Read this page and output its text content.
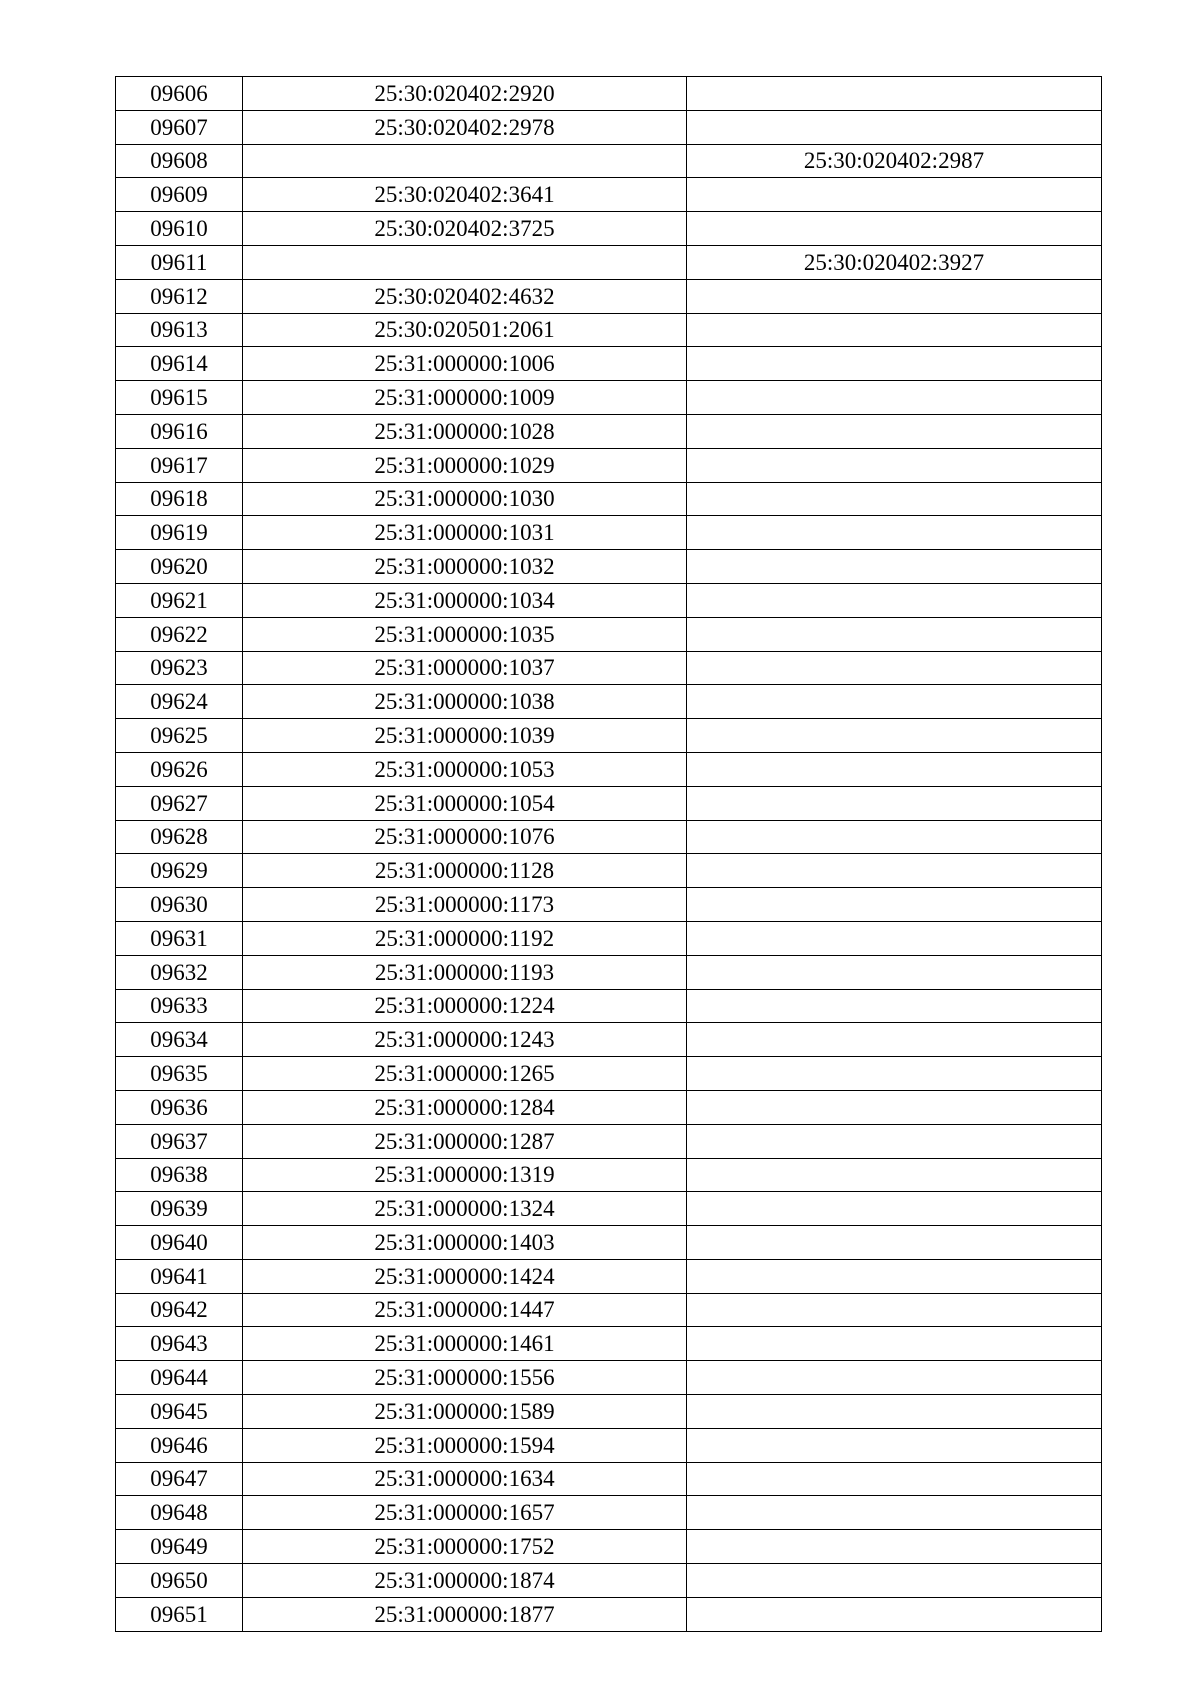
09606	25:30:020402:2920	
09607	25:30:020402:2978	
09608		25:30:020402:2987
09609	25:30:020402:3641	
09610	25:30:020402:3725	
09611		25:30:020402:3927
09612	25:30:020402:4632	
09613	25:30:020501:2061	
09614	25:31:000000:1006	
09615	25:31:000000:1009	
09616	25:31:000000:1028	
09617	25:31:000000:1029	
09618	25:31:000000:1030	
09619	25:31:000000:1031	
09620	25:31:000000:1032	
09621	25:31:000000:1034	
09622	25:31:000000:1035	
09623	25:31:000000:1037	
09624	25:31:000000:1038	
09625	25:31:000000:1039	
09626	25:31:000000:1053	
09627	25:31:000000:1054	
09628	25:31:000000:1076	
09629	25:31:000000:1128	
09630	25:31:000000:1173	
09631	25:31:000000:1192	
09632	25:31:000000:1193	
09633	25:31:000000:1224	
09634	25:31:000000:1243	
09635	25:31:000000:1265	
09636	25:31:000000:1284	
09637	25:31:000000:1287	
09638	25:31:000000:1319	
09639	25:31:000000:1324	
09640	25:31:000000:1403	
09641	25:31:000000:1424	
09642	25:31:000000:1447	
09643	25:31:000000:1461	
09644	25:31:000000:1556	
09645	25:31:000000:1589	
09646	25:31:000000:1594	
09647	25:31:000000:1634	
09648	25:31:000000:1657	
09649	25:31:000000:1752	
09650	25:31:000000:1874	
09651	25:31:000000:1877	
